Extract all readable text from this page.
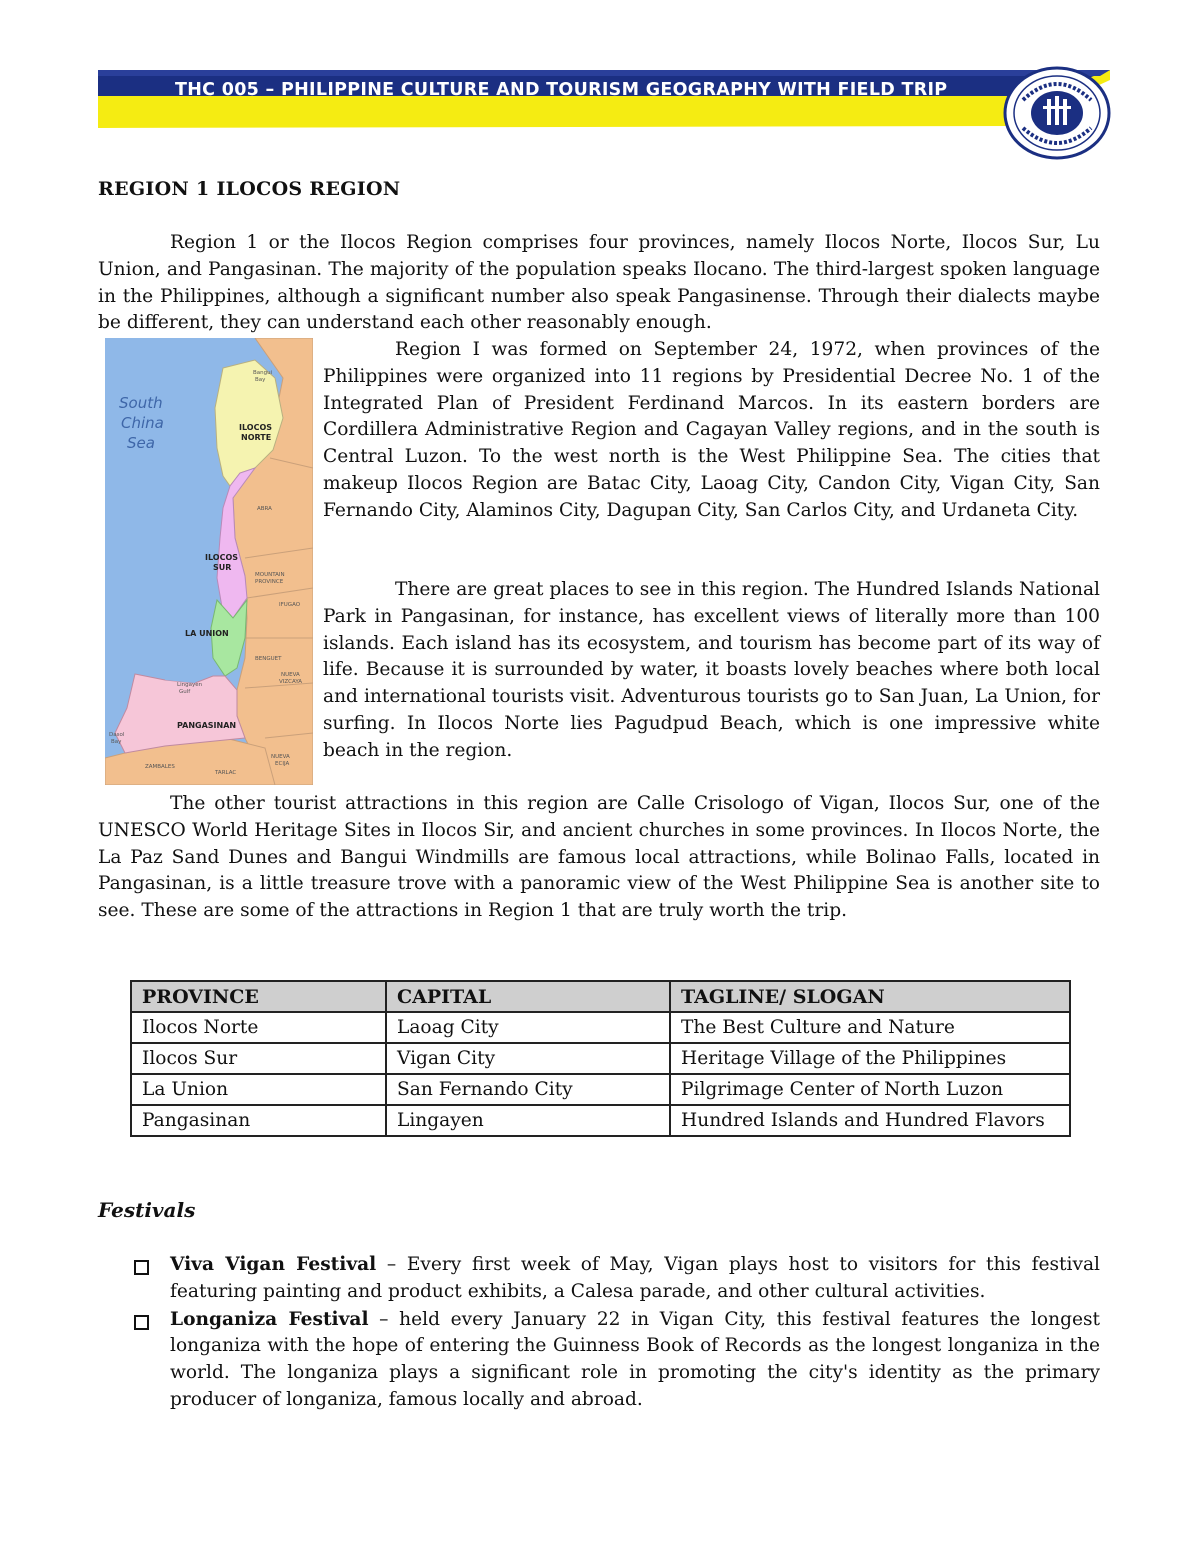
THC 005 – PHILIPPINE CULTURE AND TOURISM GEOGRAPHY WITH FIELD TRIP
REGION 1 ILOCOS REGION

Region 1 or the Ilocos Region comprises four provinces, namely Ilocos Norte, Ilocos Sur, Lu Union, and Pangasinan. The majority of the population speaks Ilocano. The third-largest spoken language in the Philippines, although a significant number also speak Pangasinense. Through their dialects maybe be different, they can understand each other reasonably enough.

Region I was formed on September 24, 1972, when provinces of the Philippines were organized into 11 regions by Presidential Decree No. 1 of the Integrated Plan of President Ferdinand Marcos. In its eastern borders are Cordillera Administrative Region and Cagayan Valley regions, and in the south is Central Luzon. To the west north is the West Philippine Sea. The cities that makeup Ilocos Region are Batac City, Laoag City, Candon City, Vigan City, San Fernando City, Alaminos City, Dagupan City, San Carlos City, and Urdaneta City.

There are great places to see in this region. The Hundred Islands National Park in Pangasinan, for instance, has excellent views of literally more than 100 islands. Each island has its ecosystem, and tourism has become part of its way of life. Because it is surrounded by water, it boasts lovely beaches where both local and international tourists visit. Adventurous tourists go to San Juan, La Union, for surfing. In Ilocos Norte lies Pagudpud Beach, which is one impressive white beach in the region.

The other tourist attractions in this region are Calle Crisologo of Vigan, Ilocos Sur, one of the UNESCO World Heritage Sites in Ilocos Sir, and ancient churches in some provinces. In Ilocos Norte, the La Paz Sand Dunes and Bangui Windmills are famous local attractions, while Bolinao Falls, located in Pangasinan, is a little treasure trove with a panoramic view of the West Philippine Sea is another site to see. These are some of the attractions in Region 1 that are truly worth the trip.

South
China
Sea
ILOCOS
NORTE
ILOCOS
SUR
LA UNION
PANGASINAN
Bangui
Bay
ABRA
MOUNTAIN
PROVINCE
IFUGAO
BENGUET
NUEVA
VIZCAYA
Lingayen
Gulf
Dasol
Bay
ZAMBALES
TARLAC
NUEVA
ECIJA
PROVINCE	CAPITAL	TAGLINE/ SLOGAN
Ilocos Norte	Laoag City	The Best Culture and Nature
Ilocos Sur	Vigan City	Heritage Village of the Philippines
La Union	San Fernando City	Pilgrimage Center of North Luzon
Pangasinan	Lingayen	Hundred Islands and Hundred Flavors
Festivals
Viva Vigan Festival – Every first week of May, Vigan plays host to visitors for this festival featuring painting and product exhibits, a Calesa parade, and other cultural activities.
Longaniza Festival – held every January 22 in Vigan City, this festival features the longest longaniza with the hope of entering the Guinness Book of Records as the longest longaniza in the world. The longaniza plays a significant role in promoting the city's identity as the primary producer of longaniza, famous locally and abroad.
